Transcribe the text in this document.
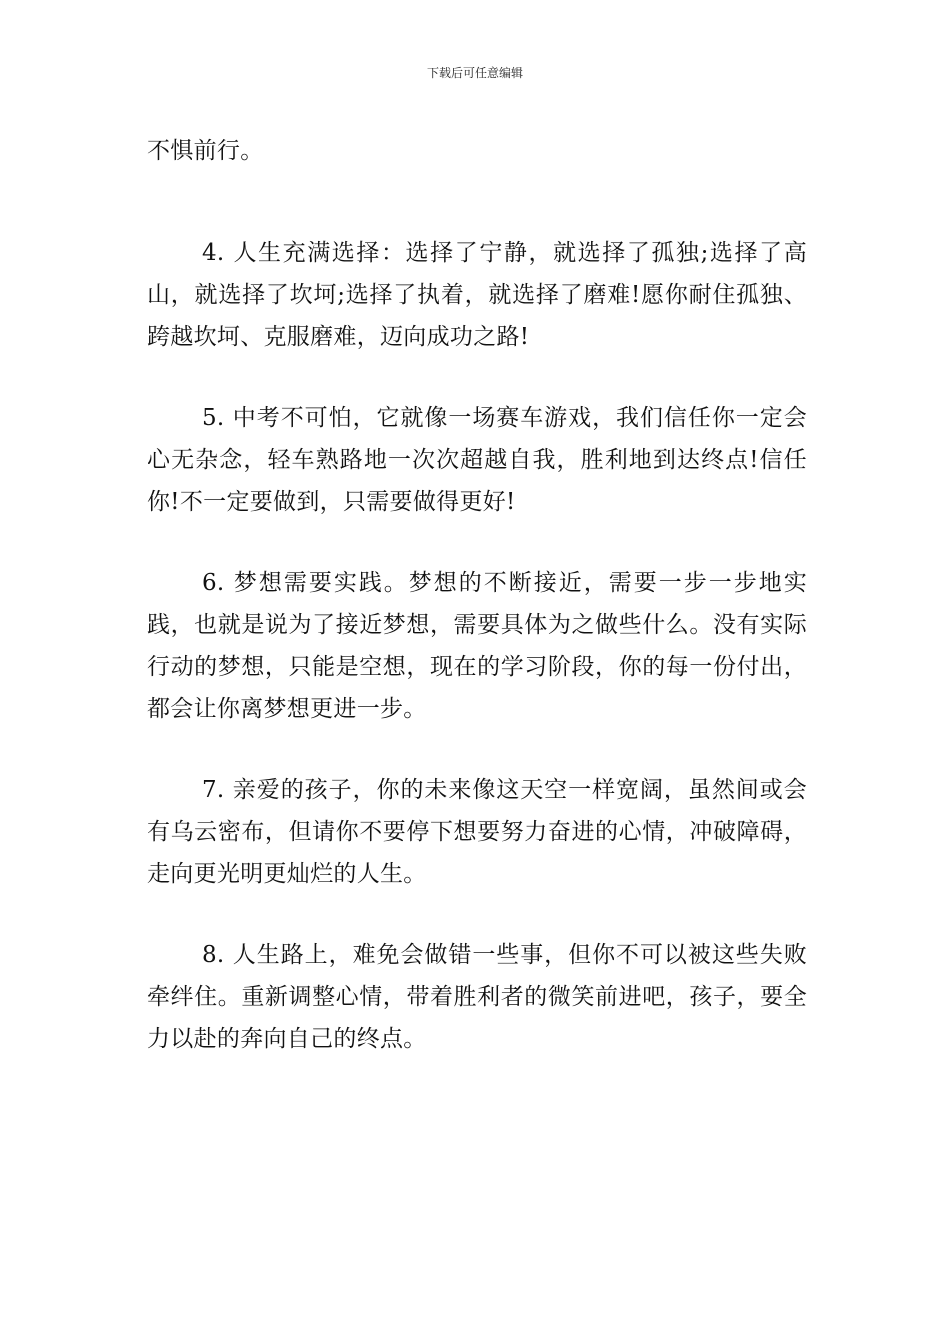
下载后可任意编辑

不惧前行。

4. 人生充满选择：选择了宁静，就选择了孤独;选择了高山，就选择了坎坷;选择了执着，就选择了磨难!愿你耐住孤独、跨越坎坷、克服磨难，迈向成功之路!

5. 中考不可怕，它就像一场赛车游戏，我们信任你一定会心无杂念，轻车熟路地一次次超越自我，胜利地到达终点!信任你!不一定要做到，只需要做得更好!

6. 梦想需要实践。梦想的不断接近，需要一步一步地实践，也就是说为了接近梦想，需要具体为之做些什么。没有实际行动的梦想，只能是空想，现在的学习阶段，你的每一份付出，都会让你离梦想更进一步。

7. 亲爱的孩子，你的未来像这天空一样宽阔，虽然间或会有乌云密布，但请你不要停下想要努力奋进的心情，冲破障碍，走向更光明更灿烂的人生。

8. 人生路上，难免会做错一些事，但你不可以被这些失败牵绊住。重新调整心情，带着胜利者的微笑前进吧，孩子，要全力以赴的奔向自己的终点。
